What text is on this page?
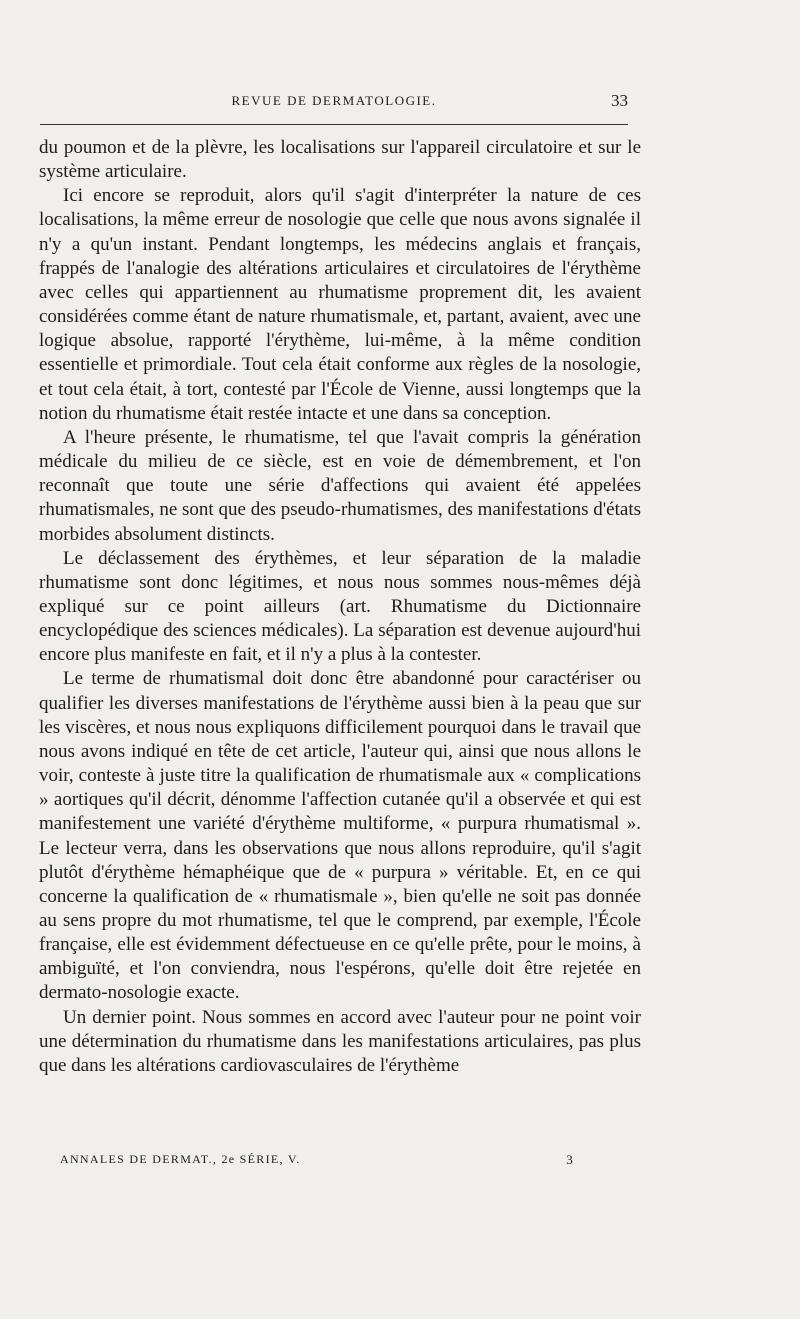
REVUE DE DERMATOLOGIE.	33

du poumon et de la plèvre, les localisations sur l'appareil circulatoire et sur le système articulaire.

Ici encore se reproduit, alors qu'il s'agit d'interpréter la nature de ces localisations, la même erreur de nosologie que celle que nous avons signalée il n'y a qu'un instant. Pendant longtemps, les médecins anglais et français, frappés de l'analogie des altérations articulaires et circulatoires de l'érythème avec celles qui appartiennent au rhumatisme proprement dit, les avaient considérées comme étant de nature rhumatismale, et, partant, avaient, avec une logique absolue, rapporté l'érythème, lui-même, à la même condition essentielle et primordiale. Tout cela était conforme aux règles de la nosologie, et tout cela était, à tort, contesté par l'École de Vienne, aussi longtemps que la notion du rhumatisme était restée intacte et une dans sa conception.

A l'heure présente, le rhumatisme, tel que l'avait compris la génération médicale du milieu de ce siècle, est en voie de démembrement, et l'on reconnaît que toute une série d'affections qui avaient été appelées rhumatismales, ne sont que des pseudo-rhumatismes, des manifestations d'états morbides absolument distincts.

Le déclassement des érythèmes, et leur séparation de la maladie rhumatisme sont donc légitimes, et nous nous sommes nous-mêmes déjà expliqué sur ce point ailleurs (art. Rhumatisme du Dictionnaire encyclopédique des sciences médicales). La séparation est devenue aujourd'hui encore plus manifeste en fait, et il n'y a plus à la contester.

Le terme de rhumatismal doit donc être abandonné pour caractériser ou qualifier les diverses manifestations de l'érythème aussi bien à la peau que sur les viscères, et nous nous expliquons difficilement pourquoi dans le travail que nous avons indiqué en tête de cet article, l'auteur qui, ainsi que nous allons le voir, conteste à juste titre la qualification de rhumatismale aux « complications » aortiques qu'il décrit, dénomme l'affection cutanée qu'il a observée et qui est manifestement une variété d'érythème multiforme, « purpura rhumatismal ». Le lecteur verra, dans les observations que nous allons reproduire, qu'il s'agit plutôt d'érythème hémaphéique que de « purpura » véritable. Et, en ce qui concerne la qualification de « rhumatismale », bien qu'elle ne soit pas donnée au sens propre du mot rhumatisme, tel que le comprend, par exemple, l'École française, elle est évidemment défectueuse en ce qu'elle prête, pour le moins, à ambiguïté, et l'on conviendra, nous l'espérons, qu'elle doit être rejetée en dermato-nosologie exacte.

Un dernier point. Nous sommes en accord avec l'auteur pour ne point voir une détermination du rhumatisme dans les manifestations articulaires, pas plus que dans les altérations cardiovasculaires de l'érythème

ANNALES DE DERMAT., 2e SÉRIE, V.	3
